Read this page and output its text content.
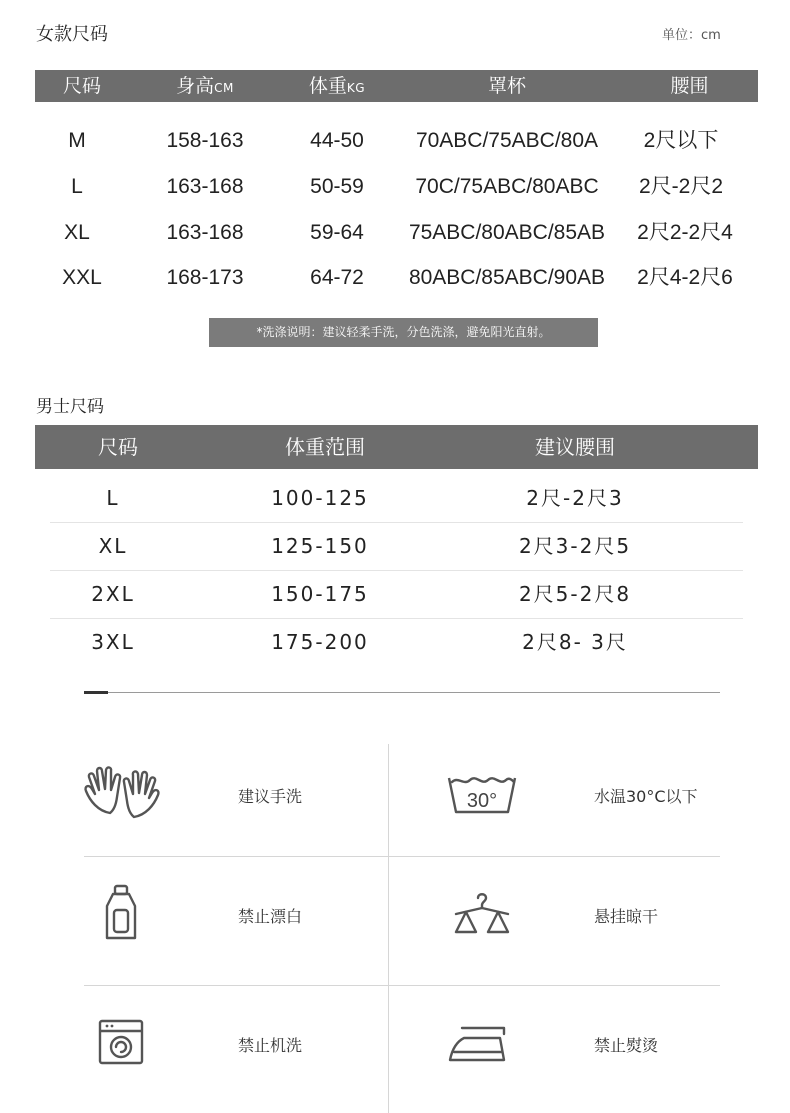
女款尺码	单位：cm
尺码	身高CM	体重KG	罩杯	腰围
M	158-163	44-50	70ABC/75ABC/80A	2尺以下
L	163-168	50-59	70C/75ABC/80ABC	2尺-2尺2
XL	163-168	59-64	75ABC/80ABC/85AB	2尺2-2尺4
XXL	168-173	64-72	80ABC/85ABC/90AB	2尺4-2尺6
*洗涤说明：建议轻柔手洗，分色洗涤，避免阳光直射。
男士尺码
尺码	体重范围	建议腰围
L	100-125	2尺-2尺3
XL	125-150	2尺3-2尺5
2XL	150-175	2尺5-2尺8
3XL	175-200	2尺8- 3尺
建议手洗	30°	水温30°C以下
禁止漂白	悬挂晾干
禁止机洗	禁止熨烫
